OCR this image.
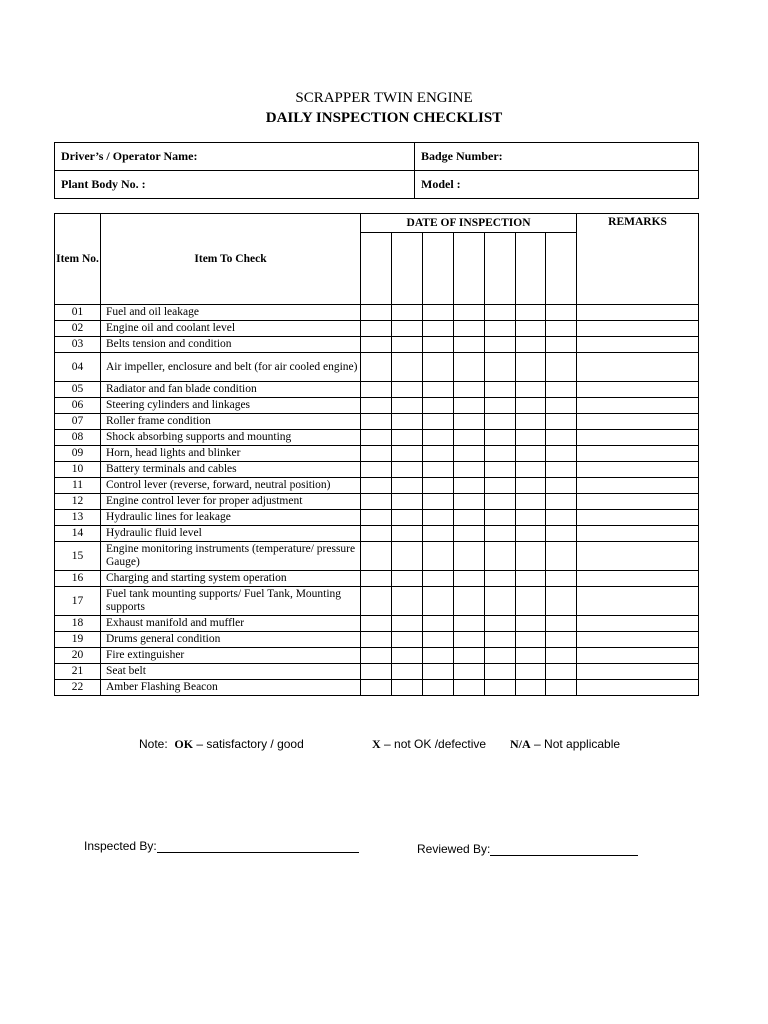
SCRAPPER TWIN ENGINE
DAILY INSPECTION CHECKLIST
Driver’s / Operator Name:	Badge Number:
Plant Body No. :	Model :
Item No.	Item To Check	DATE OF INSPECTION							REMARKS

01	Fuel and oil leakage								
02	Engine oil and coolant level								
03	Belts tension and condition								
04	Air impeller, enclosure and belt (for air cooled engine)								
05	Radiator and fan blade condition								
06	Steering cylinders and linkages								
07	Roller frame condition								
08	Shock absorbing supports and mounting								
09	Horn, head lights and blinker								
10	Battery terminals and cables								
11	Control lever (reverse, forward, neutral position)								
12	Engine control lever for proper adjustment								
13	Hydraulic lines for leakage								
14	Hydraulic fluid level								
15	Engine monitoring instruments (temperature/ pressure Gauge)								
16	Charging and starting system operation								
17	Fuel tank mounting supports/ Fuel Tank, Mounting supports								
18	Exhaust manifold and muffler								
19	Drums general condition								
20	Fire extinguisher								
21	Seat belt								
22	Amber Flashing Beacon								
Note: OK – satisfactory / good	X – not OK /defective N/A – Not applicable
Inspected By:	Reviewed By:
